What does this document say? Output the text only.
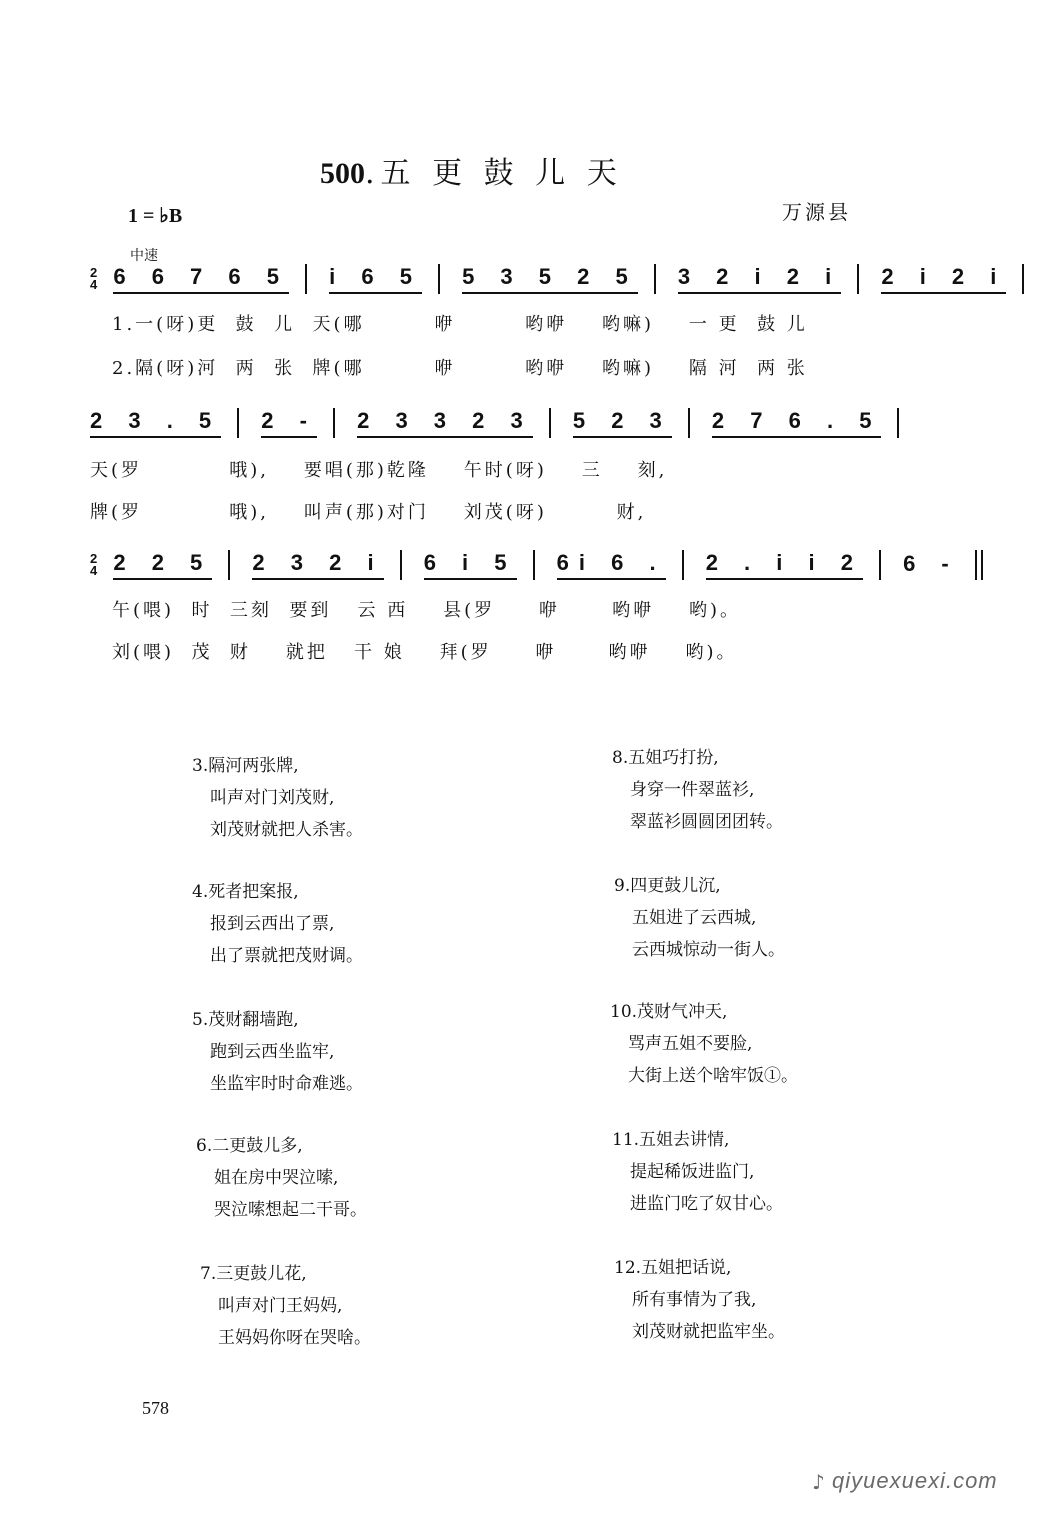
500.五 更 鼓 儿 天
1 = ♭B	万源县
中速
2
4 6 6 7 6 5 i 6 5 5 3 5 2 5 3 2 i 2 i 2 i 2 i
1.一(呀)更  鼓  儿  天(哪        咿        哟咿    哟嘛)    一 更  鼓 儿
2.隔(呀)河  两  张  牌(哪        咿        哟咿    哟嘛)    隔 河  两 张
2 3 . 5 2 - 2 3 3 2 3 5 2 3 2 7 6 . 5
天(罗          哦),    要唱(那)乾隆    午时(呀)    三    刻,
牌(罗          哦),    叫声(那)对门    刘茂(呀)        财,
2
4 2 2 5 2 3 2 i 6 i 5 6i 6 . 2 . i i 2 6 -
午(喂)  时  三刻  要到   云 西    县(罗     咿      哟咿    哟)。
刘(喂)  茂  财    就把   干 娘    拜(罗     咿      哟咿    哟)。
3.隔河两张牌,
叫声对门刘茂财,
刘茂财就把人杀害。
4.死者把案报,
报到云西出了票,
出了票就把茂财调。
5.茂财翻墙跑,
跑到云西坐监牢,
坐监牢时时命难逃。
6.二更鼓儿多,
姐在房中哭泣嗦,
哭泣嗦想起二干哥。
7.三更鼓儿花,
叫声对门王妈妈,
王妈妈你呀在哭啥。
8.五姐巧打扮,
身穿一件翠蓝衫,
翠蓝衫圆圆团团转。
9.四更鼓儿沉,
五姐进了云西城,
云西城惊动一街人。
10.茂财气冲天,
骂声五姐不要脸,
大街上送个啥牢饭①。
11.五姐去讲情,
提起稀饭进监门,
进监门吃了奴甘心。
12.五姐把话说,
所有事情为了我,
刘茂财就把监牢坐。
578
♪ qiyuexuexi.com
